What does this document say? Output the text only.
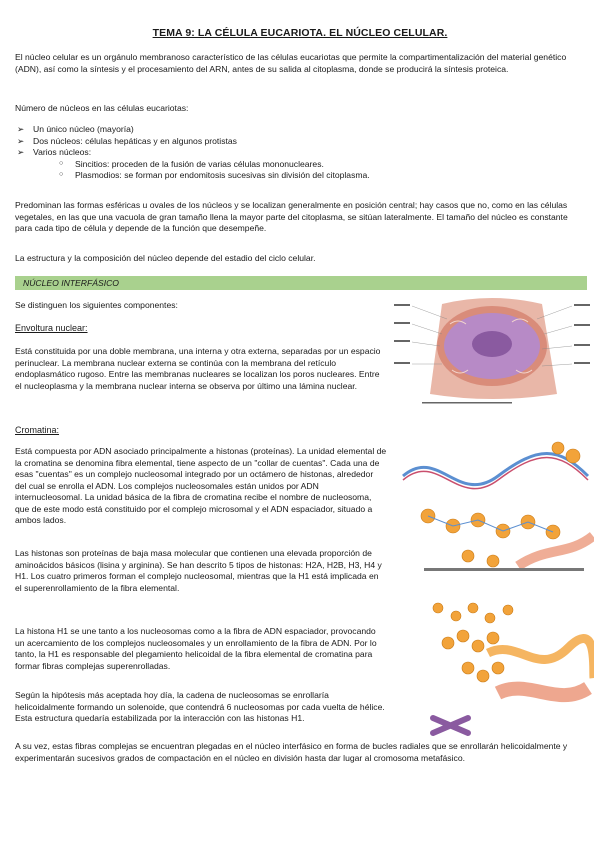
TEMA 9: LA CÉLULA EUCARIOTA. EL NÚCLEO CELULAR.
El núcleo celular es un orgánulo membranoso característico de las células eucariotas que permite la compartimentalización del material genético (ADN), así como la síntesis y el procesamiento del ARN, antes de su salida al citoplasma, donde se producirá la síntesis proteica.
Número de núcleos en las células eucariotas:
➢ Un único núcleo (mayoría)
➢ Dos núcleos: células hepáticas y en algunos protistas
➢ Varios núcleos:
○ Sincitios: proceden de la fusión de varias células mononucleares.
○ Plasmodios: se forman por endomitosis sucesivas sin división del citoplasma.
Predominan las formas esféricas u ovales de los núcleos y se localizan generalmente en posición central; hay casos que no, como en las células vegetales, en las que una vacuola de gran tamaño llena la mayor parte del citoplasma, se sitúan lateralmente. El tamaño del núcleo es constante para cada tipo de célula y depende de la función que desempeñe.
La estructura y la composición del núcleo depende del estadio del ciclo celular.
NÚCLEO INTERFÁSICO
Se distinguen los siguientes componentes:
Envoltura nuclear:
Está constituida por una doble membrana, una interna y otra externa, separadas por un espacio perinuclear. La membrana nuclear externa se continúa con la membrana del retículo endoplasmático rugoso. Entre las membranas nucleares se localizan los poros nucleares. Entre el nucleoplasma y la membrana nuclear interna se observa por último una lámina nuclear.
Cromatina:
Está compuesta por ADN asociado principalmente a histonas (proteínas). La unidad elemental de la cromatina se denomina fibra elemental, tiene aspecto de un "collar de cuentas". Cada una de esas "cuentas" es un complejo nucleosomal integrado por un octámero de histonas, alrededor del cual se enrolla el ADN. Los complejos nucleosomales están unidos por ADN internucleosomal. La unidad básica de la fibra de cromatina recibe el nombre de nucleosoma, que de este modo está constituido por el complejo microsomal y el ADN espaciador, situado a ambos lados.
Las histonas son proteínas de baja masa molecular que contienen una elevada proporción de aminoácidos básicos (lisina y arginina). Se han descrito 5 tipos de histonas: H2A, H2B, H3, H4 y H1. Los cuatro primeros forman el complejo nucleosomal, mientras que la H1 está implicada en el superenrollamiento de la fibra elemental.
La histona H1 se une tanto a los nucleosomas como a la fibra de ADN espaciador, provocando un acercamiento de los complejos nucleosomales y un enrollamiento de la fibra de ADN. Por lo tanto, la H1 es responsable del plegamiento helicoidal de la fibra elemental de cromatina para formar fibras complejas superenrolladas.
Según la hipótesis más aceptada hoy día, la cadena de nucleosomas se enrollaría helicoidalmente formando un solenoide, que contendrá 6 nucleosomas por cada vuelta de hélice. Esta estructura quedaría estabilizada por la interacción con las histonas H1.
A su vez, estas fibras complejas se encuentran plegadas en el núcleo interfásico en forma de bucles radiales que se enrollarán helicoidalmente y experimentarán sucesivos grados de compactación en el núcleo en división hasta dar lugar al cromosoma metafásico.
